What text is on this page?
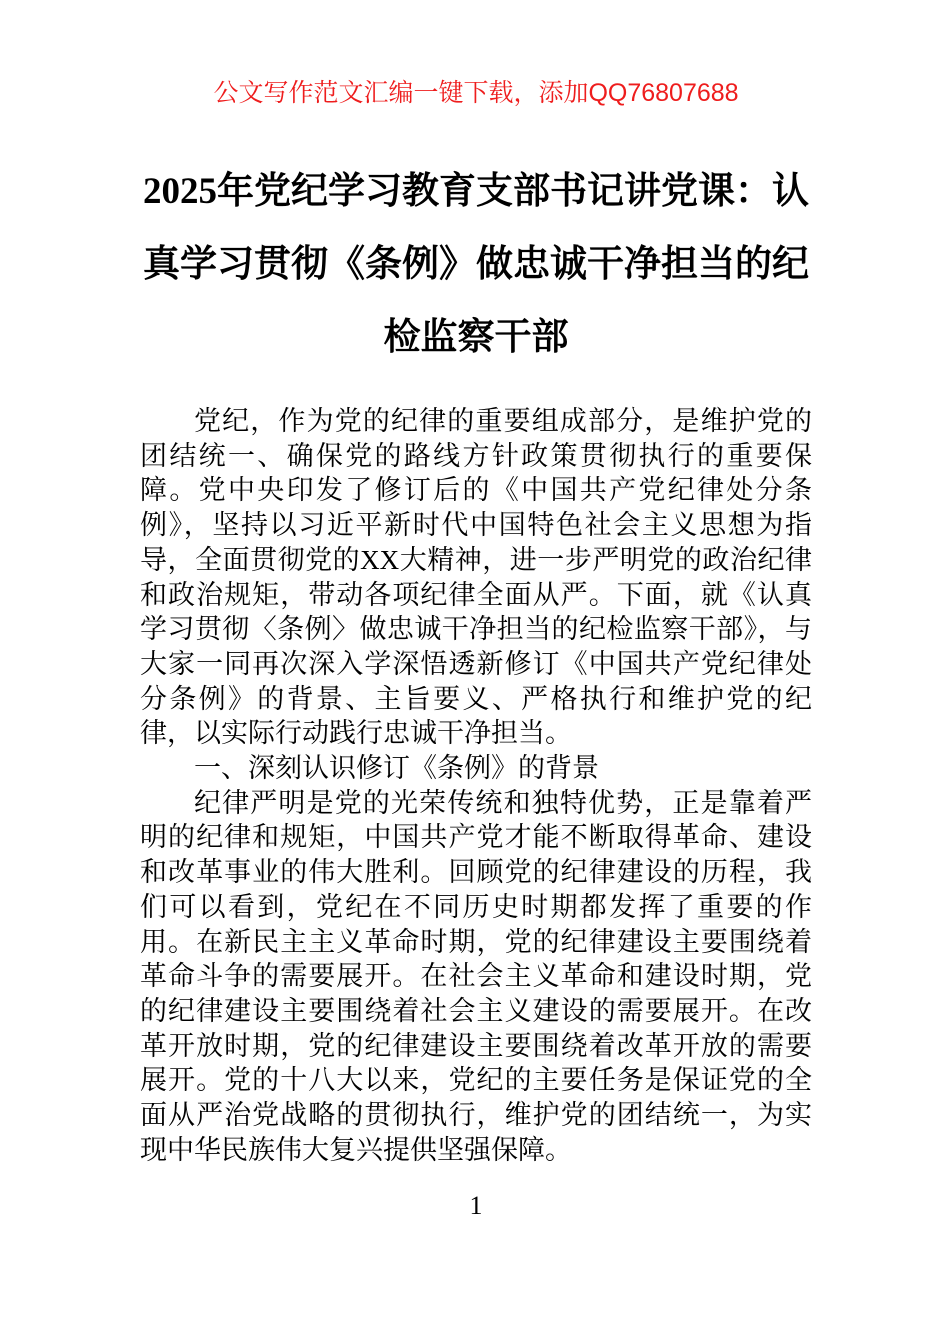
公文写作范文汇编一键下载，添加QQ76807688
2025年党纪学习教育支部书记讲党课：认真学习贯彻《条例》做忠诚干净担当的纪检监察干部

党纪，作为党的纪律的重要组成部分，是维护党的团结统一、确保党的路线方针政策贯彻执行的重要保障。党中央印发了修订后的《中国共产党纪律处分条例》，坚持以习近平新时代中国特色社会主义思想为指导，全面贯彻党的XX大精神，进一步严明党的政治纪律和政治规矩，带动各项纪律全面从严。下面，就《认真学习贯彻〈条例〉做忠诚干净担当的纪检监察干部》，与大家一同再次深入学深悟透新修订《中国共产党纪律处分条例》的背景、主旨要义、严格执行和维护党的纪律，以实际行动践行忠诚干净担当。

一、深刻认识修订《条例》的背景

纪律严明是党的光荣传统和独特优势，正是靠着严明的纪律和规矩，中国共产党才能不断取得革命、建设和改革事业的伟大胜利。回顾党的纪律建设的历程，我们可以看到，党纪在不同历史时期都发挥了重要的作用。在新民主主义革命时期，党的纪律建设主要围绕着革命斗争的需要展开。在社会主义革命和建设时期，党的纪律建设主要围绕着社会主义建设的需要展开。在改革开放时期，党的纪律建设主要围绕着改革开放的需要展开。党的十八大以来，党纪的主要任务是保证党的全面从严治党战略的贯彻执行，维护党的团结统一，为实现中华民族伟大复兴提供坚强保障。

1
